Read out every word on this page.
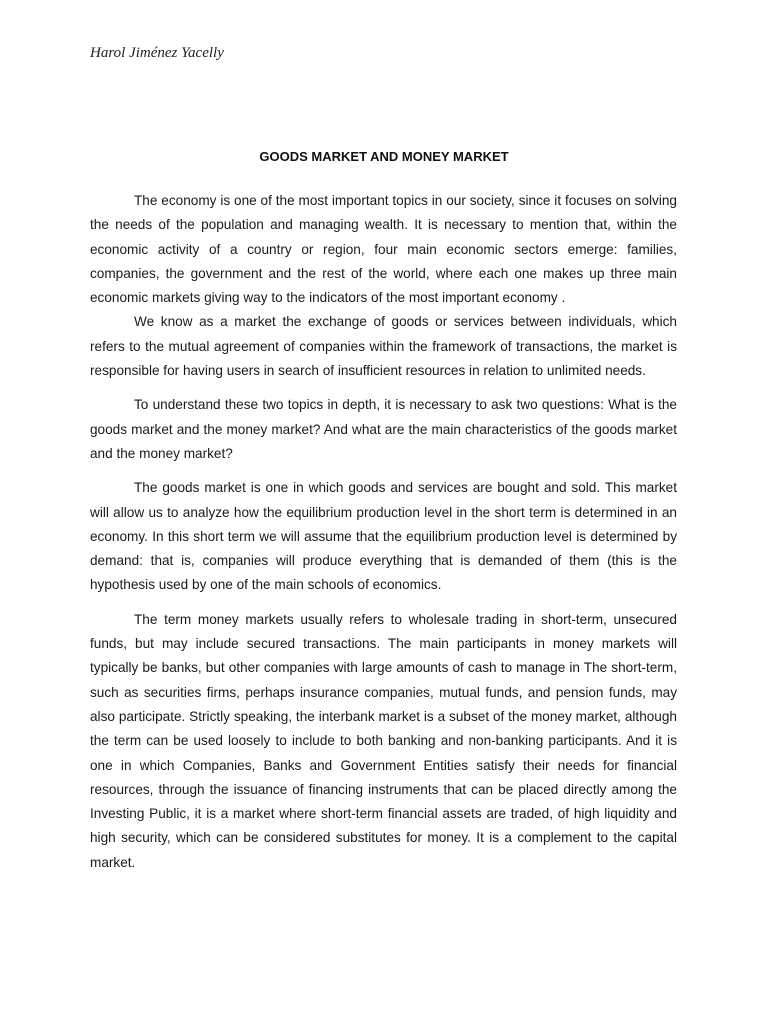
Harol Jiménez Yacelly

GOODS MARKET AND MONEY MARKET

The economy is one of the most important topics in our society, since it focuses on solving the needs of the population and managing wealth. It is necessary to mention that, within the economic activity of a country or region, four main economic sectors emerge: families, companies, the government and the rest of the world, where each one makes up three main economic markets giving way to the indicators of the most important economy .

We know as a market the exchange of goods or services between individuals, which refers to the mutual agreement of companies within the framework of transactions, the market is responsible for having users in search of insufficient resources in relation to unlimited needs.

To understand these two topics in depth, it is necessary to ask two questions: What is the goods market and the money market? And what are the main characteristics of the goods market and the money market?

The goods market is one in which goods and services are bought and sold. This market will allow us to analyze how the equilibrium production level in the short term is determined in an economy. In this short term we will assume that the equilibrium production level is determined by demand: that is, companies will produce everything that is demanded of them (this is the hypothesis used by one of the main schools of economics.

The term money markets usually refers to wholesale trading in short-term, unsecured funds, but may include secured transactions. The main participants in money markets will typically be banks, but other companies with large amounts of cash to manage in The short-term, such as securities firms, perhaps insurance companies, mutual funds, and pension funds, may also participate. Strictly speaking, the interbank market is a subset of the money market, although the term can be used loosely to include to both banking and non-banking participants. And it is one in which Companies, Banks and Government Entities satisfy their needs for financial resources, through the issuance of financing instruments that can be placed directly among the Investing Public, it is a market where short-term financial assets are traded, of high liquidity and high security, which can be considered substitutes for money. It is a complement to the capital market.
